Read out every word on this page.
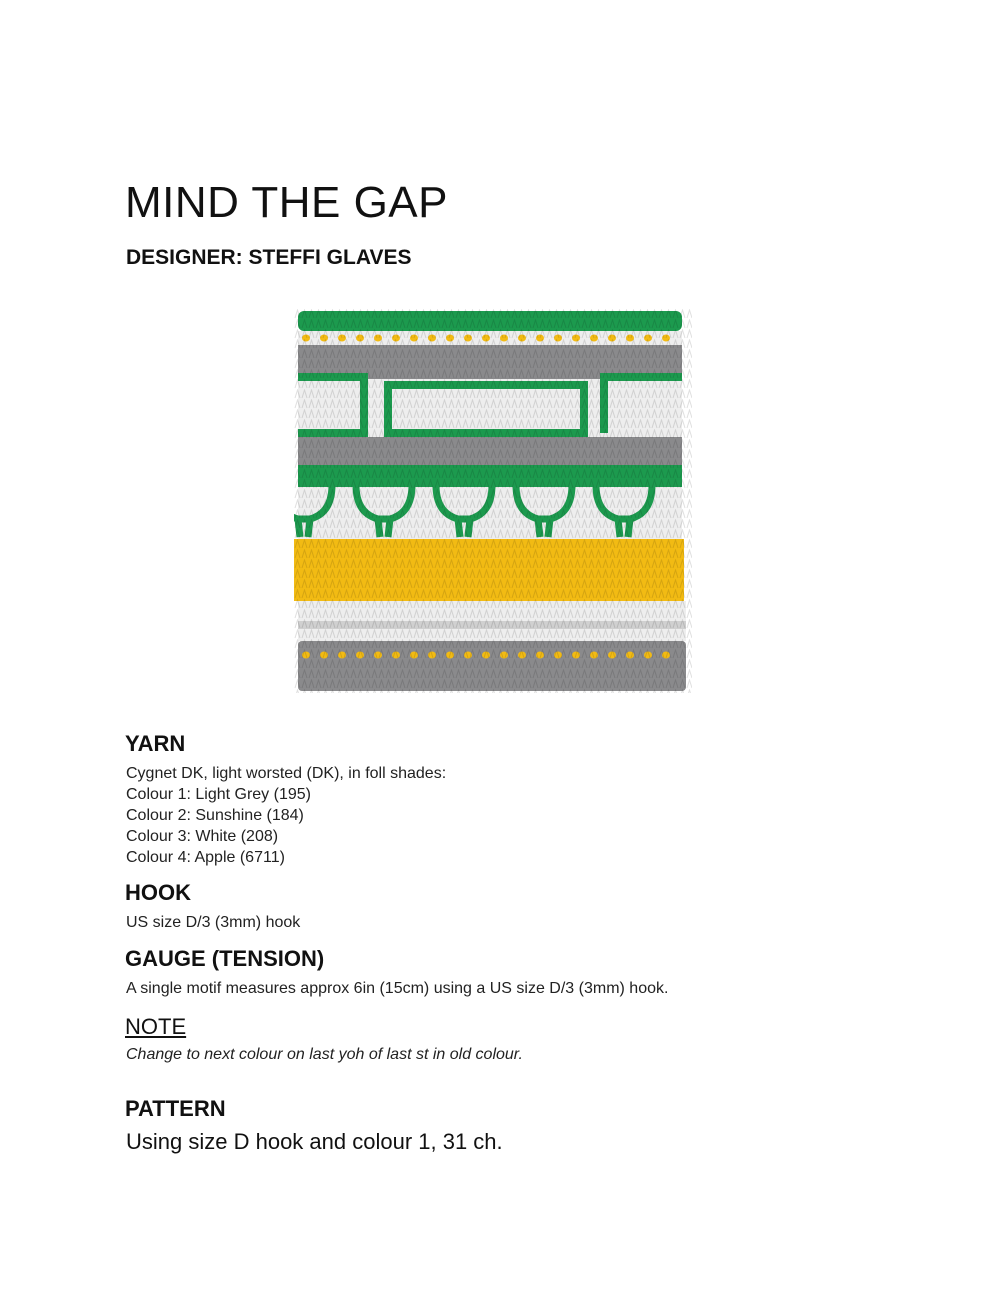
MIND THE GAP
DESIGNER: STEFFI GLAVES
YARN
Cygnet DK, light worsted (DK), in foll shades:
Colour 1: Light Grey (195)
Colour 2: Sunshine (184)
Colour 3: White (208)
Colour 4: Apple (6711)
HOOK

US size D/3 (3mm) hook

GAUGE (TENSION)

A single motif measures approx 6in (15cm) using a US size D/3 (3mm) hook.

NOTE

Change to next colour on last yoh of last st in old colour.

PATTERN

Using size D hook and colour 1, 31 ch.
